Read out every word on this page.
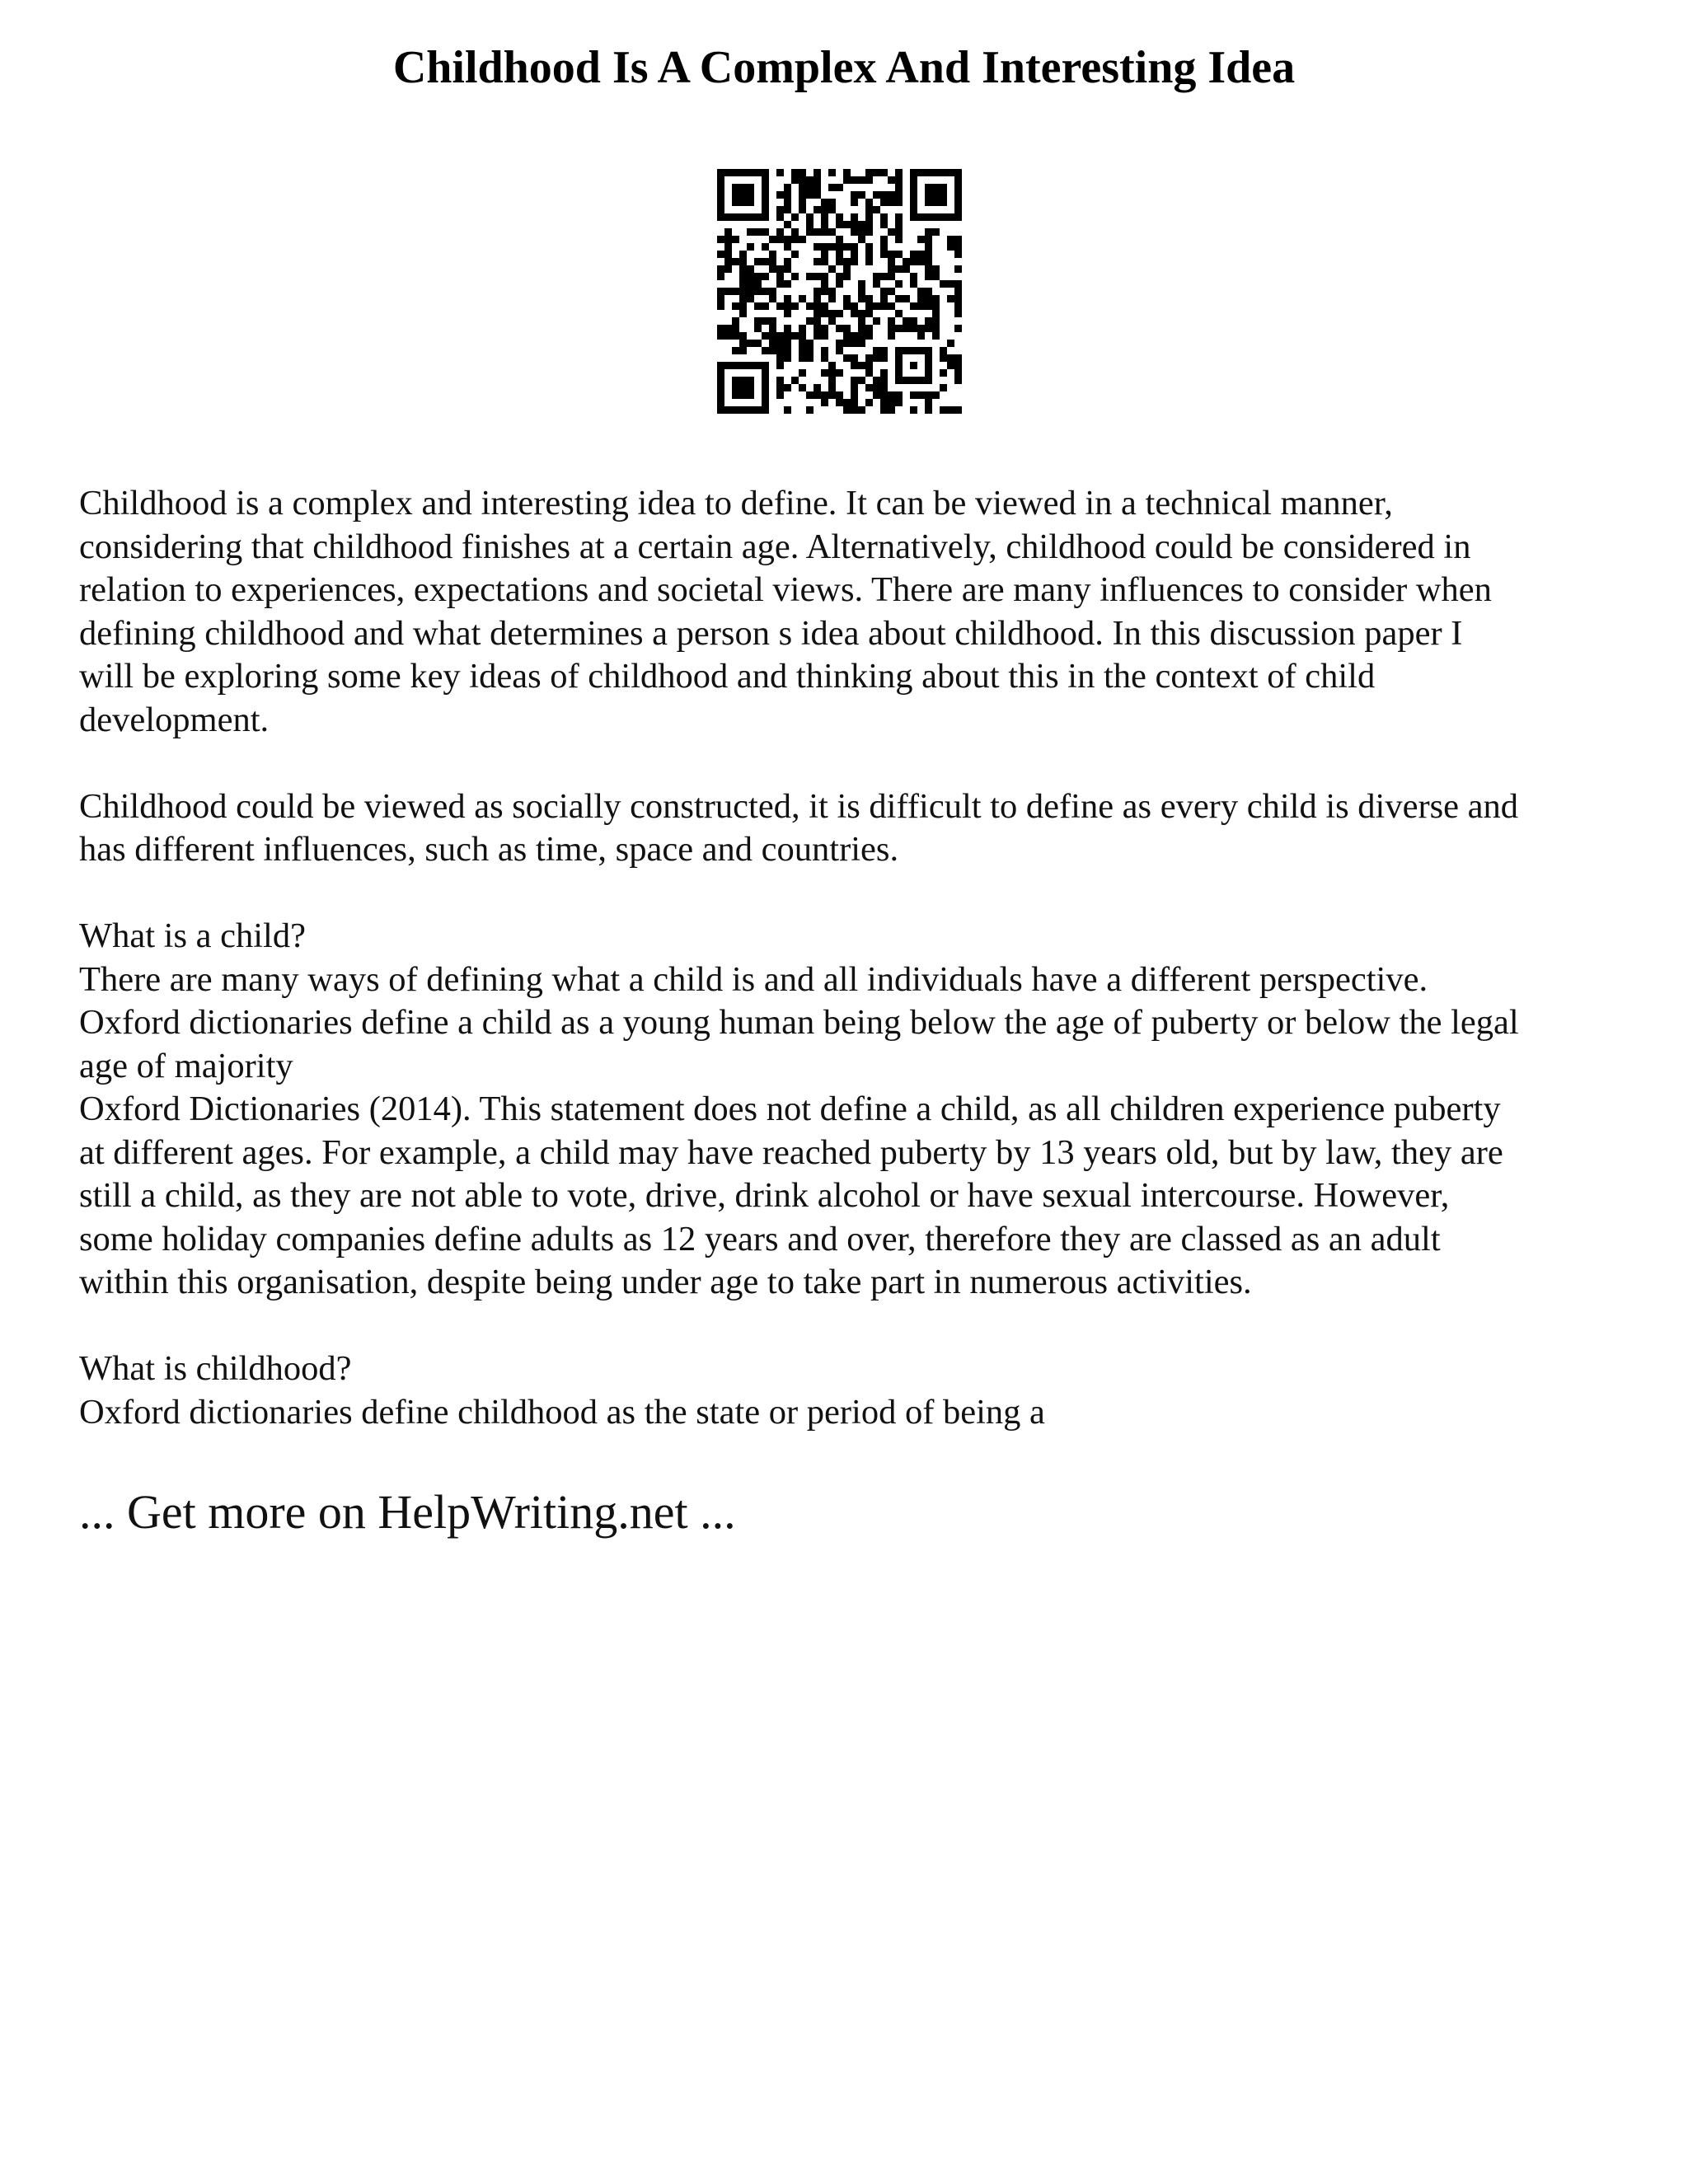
Childhood Is A Complex And Interesting Idea

Childhood is a complex and interesting idea to define. It can be viewed in a technical manner,
considering that childhood finishes at a certain age. Alternatively, childhood could be considered in
relation to experiences, expectations and societal views. There are many influences to consider when
defining childhood and what determines a person s idea about childhood. In this discussion paper I
will be exploring some key ideas of childhood and thinking about this in the context of child
development.

Childhood could be viewed as socially constructed, it is difficult to define as every child is diverse and
has different influences, such as time, space and countries.

What is a child?
There are many ways of defining what a child is and all individuals have a different perspective.
Oxford dictionaries define a child as a young human being below the age of puberty or below the legal
age of majority
Oxford Dictionaries (2014). This statement does not define a child, as all children experience puberty
at different ages. For example, a child may have reached puberty by 13 years old, but by law, they are
still a child, as they are not able to vote, drive, drink alcohol or have sexual intercourse. However,
some holiday companies define adults as 12 years and over, therefore they are classed as an adult
within this organisation, despite being under age to take part in numerous activities.

What is childhood?
Oxford dictionaries define childhood as the state or period of being a

... Get more on HelpWriting.net ...
